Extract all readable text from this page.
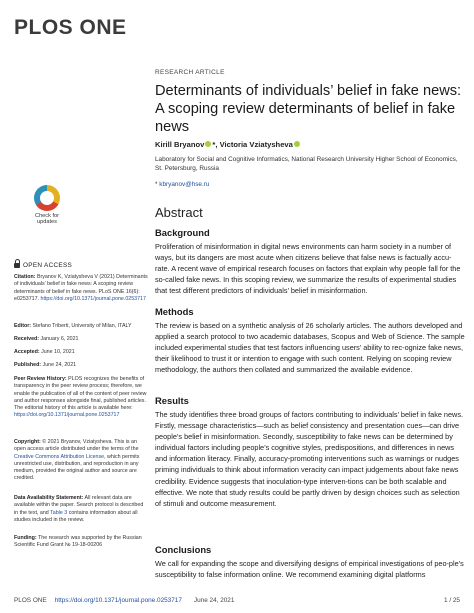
PLOS ONE
RESEARCH ARTICLE
Determinants of individuals’ belief in fake news: A scoping review determinants of belief in fake news
Kirill Bryanov *, Victoria Vziatysheva
Laboratory for Social and Cognitive Informatics, National Research University Higher School of Economics, St. Petersburg, Russia
* kbryanov@hse.ru
Abstract
Background

Proliferation of misinformation in digital news environments can harm society in a number of ways, but its dangers are most acute when citizens believe that false news is factually accu-rate. A recent wave of empirical research focuses on factors that explain why people fall for the so-called fake news. In this scoping review, we summarize the results of experimental studies that test different predictors of individuals’ belief in misinformation.

Methods

The review is based on a synthetic analysis of 26 scholarly articles. The authors developed and applied a search protocol to two academic databases, Scopus and Web of Science. The sample included experimental studies that test factors influencing users’ ability to rec-ognize fake news, their likelihood to trust it or intention to engage with such content. Relying on scoping review methodology, the authors then collated and summarized the available evidence.

Results

The study identifies three broad groups of factors contributing to individuals’ belief in fake news. Firstly, message characteristics—such as belief consistency and presentation cues—can drive people’s belief in misinformation. Secondly, susceptibility to fake news can be determined by individual factors including people’s cognitive styles, predispositions, and differences in news and information literacy. Finally, accuracy-promoting interventions such as warnings or nudges priming individuals to think about information veracity can impact judgements about fake news credibility. Evidence suggests that inoculation-type interven-tions can be both scalable and effective. We note that study results could be partly driven by design choices such as selection of stimuli and outcome measurement.

Conclusions

We call for expanding the scope and diversifying designs of empirical investigations of peo-ple’s susceptibility to false information online. We recommend examining digital platforms

Check for
updates
OPEN ACCESS
Citation: Bryanov K, Vziatysheva V (2021) Determinants of individuals’ belief in fake news: A scoping review determinants of belief in fake news. PLoS ONE 16(6): e0253717. https://doi.org/10.1371/journal.pone.0253717
Editor: Stefano Triberti, University of Milan, ITALY
Received: January 6, 2021
Accepted: June 10, 2021
Published: June 24, 2021
Peer Review History: PLOS recognizes the benefits of transparency in the peer review process; therefore, we enable the publication of all of the content of peer review and author responses alongside final, published articles. The editorial history of this article is available here: https://doi.org/10.1371/journal.pone.0253717
Copyright: © 2021 Bryanov, Vziatysheva. This is an open access article distributed under the terms of the Creative Commons Attribution License, which permits unrestricted use, distribution, and reproduction in any medium, provided the original author and source are credited.
Data Availability Statement: All relevant data are available within the paper. Search protocol is described in the text, and Table 3 contains information about all studies included in the review.
Funding: The research was supported by the Russian Scientific Fund Grant № 19-18-00206
PLOS ONE https://doi.org/10.1371/journal.pone.0253717 June 24, 2021	1 / 25
